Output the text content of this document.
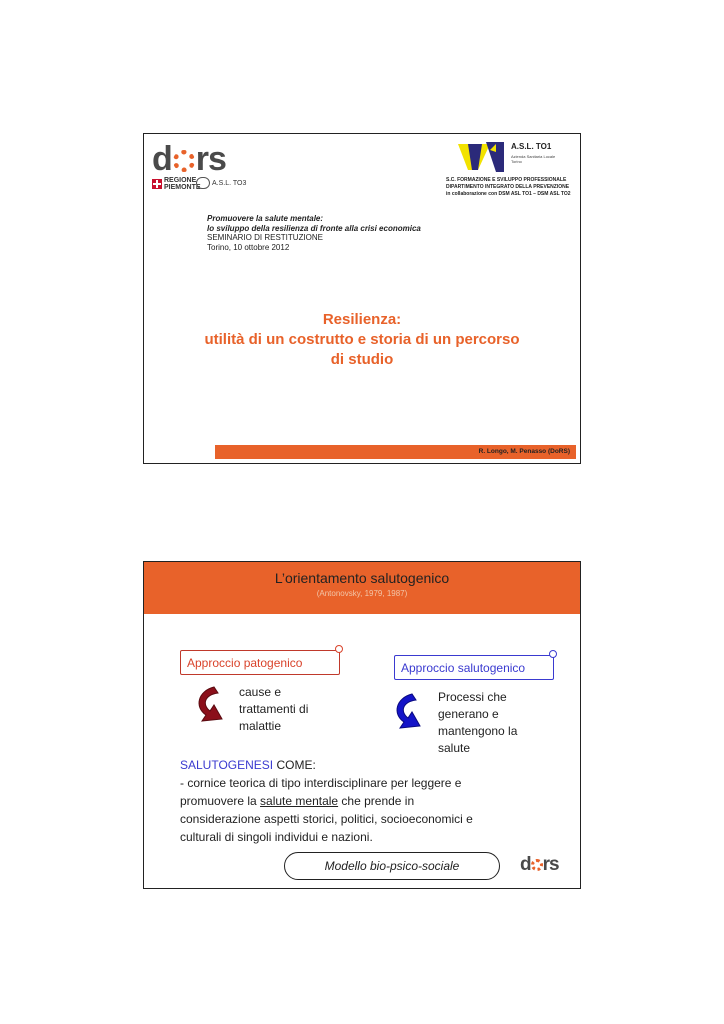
d rs
REGIONE
PIEMONTE
A.S.L. TO3
A.S.L. TO1
Azienda Sanitaria Locale
Torino
S.C. FORMAZIONE E SVILUPPO PROFESSIONALE
DIPARTIMENTO INTEGRATO DELLA PREVENZIONE
in collaborazione con DSM ASL TO1 – DSM ASL TO2
Promuovere la salute mentale:
lo sviluppo della resilienza di fronte alla crisi economica
SEMINARIO DI RESTITUZIONE
Torino, 10 ottobre 2012
Resilienza:
utilità di un costrutto e storia di un percorso
di studio
R. Longo, M. Penasso (DoRS)
L’orientamento salutogenico
(Antonovsky, 1979, 1987)
Approccio patogenico	Approccio salutogenico
cause e
trattamenti di
malattie
Processi che
generano e
mantengono la
salute
SALUTOGENESI COME:
- cornice teorica di tipo interdisciplinare per leggere e
promuovere la salute mentale che prende in
considerazione aspetti storici, politici, socioeconomici e
culturali di singoli individui e nazioni.
Modello bio-psico-sociale	d rs
